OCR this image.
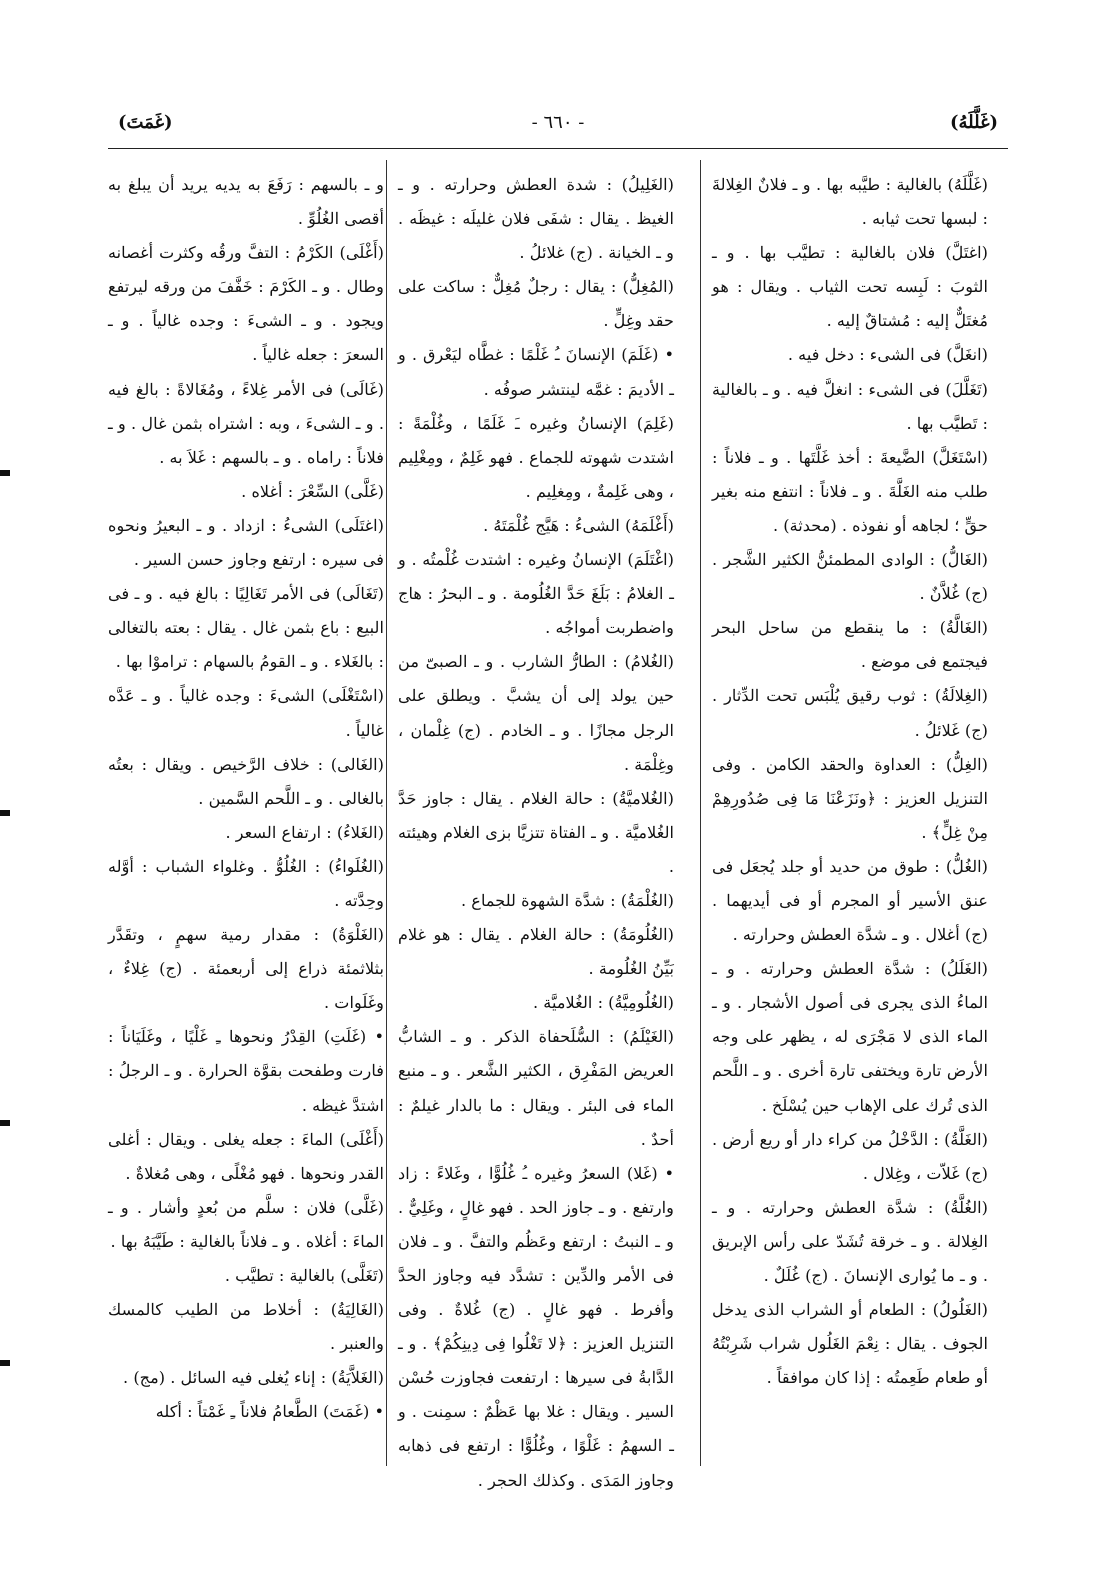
(غَلَّلَهُ)
- ٦٦٠ -
(غَمَتَ)

(غَلَّلَهُ) بالغالية : طيَّبه بها . و ـ فلانٌ الغِلالةَ : لبسها تحت ثيابه .

(اغتَلَّ) فلان بالغالية : تطيَّب بها . و ـ الثوبَ : لَبِسه تحت الثياب . ويقال : هو مُغتَلٌّ إليه : مُشتاقٌ إليه .

(انغَلَّ) فى الشىء : دخل فيه .

(تَغَلَّلَ) فى الشىء : انغلَّ فيه . و ـ بالغالية : تَطيَّب بها .

(اسْتَغَلَّ) الضَّيعةَ : أخذ غَلَّتَها . و ـ فلاناً : طلب منه الغَلَّةَ . و ـ فلاناً : انتفع منه بغير حقٍّ ؛ لجاهه أو نفوذه . (محدثة) .

(الغَالُّ) : الوادى المطمئنُّ الكثير الشَّجر . (ج) غُلاَّنٌ .

(الغَالَّةُ) : ما ينقطع من ساحل البحر فيجتمع فى موضع .

(الغِلالَةُ) : ثوب رقيق يُلْبَس تحت الدِّثار . (ج) غَلائلُ .

(الغِلُّ) : العداوة والحقد الكامن . وفى التنزيل العزيز : ﴿ونَزَعْنَا مَا فِى صُدُورِهِمْ مِنْ غِلٍّ﴾ .

(الغُلُّ) : طوق من حديد أو جلد يُجعَل فى عنق الأسير أو المجرم أو فى أيديهما . (ج) أغلال . و ـ شدَّة العطش وحرارته .

(الغَلَلُ) : شدَّة العطش وحرارته . و ـ الماءُ الذى يجرى فى أصول الأشجار . و ـ الماء الذى لا مَجْرَى له ، يظهر على وجه الأرض تارة ويختفى تارة أخرى . و ـ اللَّحم الذى تُرك على الإهاب حين يُسْلَخ .

(الغَلَّةُ) : الدَّخْلُ من كراء دار أو ريع أرض . (ج) غَلاّت ، وغِلال .

(الغُلَّةُ) : شدَّة العطش وحرارته . و ـ الغِلالة . و ـ خرقة تُشَدّ على رأس الإبريق . و ـ ما يُوارى الإنسانَ . (ج) غُلَلٌ .

(الغَلُولُ) : الطعام أو الشراب الذى يدخل الجوف . يقال : نِعْمَ الغَلُول شراب شَرِبْتُهُ أو طعام طَعِمتُه : إذا كان موافقاً .

(الغَلِيلُ) : شدة العطش وحرارته . و ـ الغيظ . يقال : شفَى فلان غليلَه : غيظَه . و ـ الخيانة . (ج) غلائلُ .

(المُغِلُّ) : يقال : رجلٌ مُغِلٌّ : ساكت على حقد وغِلٍّ .

• (غَلَمَ) الإنسانَ ـُ غَلْمًا : غطَّاه ليَعْرق . و ـ الأديمَ : غمَّه لينتشر صوفُه .

(غَلِمَ) الإنسانُ وغيره ـَ غَلَمًا ، وغُلْمَةً : اشتدت شهوته للجماع . فهو غَلِمٌ ، ومِغْلِيم ، وهى غَلِمةٌ ، ومِغلِيم .

(أَغْلَمَهُ) الشىءُ : هَيَّج غُلْمَتَهُ .

(اغْتَلَمَ) الإنسانُ وغيره : اشتدت غُلْمتُه . و ـ الغلامُ : بَلَغَ حَدَّ الغُلُومة . و ـ البحرُ : هاج واضطربت أمواجُه .

(الغُلامُ) : الطارُّ الشارب . و ـ الصبىّ من حين يولد إلى أن يشبَّ . ويطلق على الرجل مجازًا . و ـ الخادم . (ج) غِلْمان ، وغِلْمَة .

(الغُلاميَّةُ) : حالة الغلام . يقال : جاوز حَدَّ الغُلاميَّة . و ـ الفتاة تتزيَّا بزى الغلام وهيئته .

(الغُلْمَةُ) : شدَّة الشهوة للجماع .

(الغُلُومَةُ) : حالة الغلام . يقال : هو غلام بَيِّنُ الغُلُومة .

(الغُلُومِيَّةُ) : الغُلاميَّة .

(الغَيْلَمُ) : السُّلَحفاة الذكر . و ـ الشابُّ العريض المَفْرِق ، الكثير الشَّعر . و ـ منبع الماء فى البئر . ويقال : ما بالدار غيلمٌ : أحدٌ .

• (غَلا) السعرُ وغيره ـُ غُلُوًّا ، وغَلاءً : زاد وارتفع . و ـ جاوز الحد . فهو غالٍ ، وغَلِيٌّ . و ـ النبتُ : ارتفع وعَظُم والتفَّ . و ـ فلان فى الأمر والدِّين : تشدَّد فيه وجاوز الحدَّ وأفرط . فهو غالٍ . (ج) غُلاةٌ . وفى التنزيل العزيز : ﴿لا تَغْلُوا فِى دِينِكُمْ﴾ . و ـ الدَّابةُ فى سيرها : ارتفعت فجاوزت حُسْن السير . ويقال : غلا بها عَظْمٌ : سمِنت . و ـ السهمُ : غَلْوًا ، وغُلُوًّا : ارتفع فى ذهابه وجاوز المَدَى . وكذلك الحجر .

و ـ بالسهم : رَفَعَ به يديه يريد أن يبلغ به أقصى الغُلُوِّ .

(أَغْلَى) الكَرْمُ : التفَّ ورقُه وكثرت أغصانه وطال . و ـ الكَرْمَ : خَفَّفَ من ورقه ليرتفع ويجود . و ـ الشىءَ : وجده غالياً . و ـ السعرَ : جعله غالياً .

(غَالَى) فى الأمر غِلاءً ، ومُغَالاةً : بالغ فيه . و ـ الشىءَ ، وبه : اشتراه بثمن غال . و ـ فلاناً : راماه . و ـ بالسهم : غَلاَ به .

(غَلَّى) السِّعْرَ : أغلاه .

(اغتَلَى) الشىءُ : ازداد . و ـ البعيرُ ونحوه فى سيره : ارتفع وجاوز حسن السير .

(تَغَالَى) فى الأمر تَغَالِيًا : بالغ فيه . و ـ فى البيع : باع بثمن غال . يقال : بعته بالتغالى : بالغَلاء . و ـ القومُ بالسهام : تراموْا بها .

(اسْتَغْلَى) الشىءَ : وجده غالياً . و ـ عَدَّه غالياً .

(الغَالى) : خلاف الرَّخيص . ويقال : بعتُه بالغالى . و ـ اللَّحم السَّمين .

(الغَلاءُ) : ارتفاع السعر .

(الغُلَواءُ) : الغُلُوُّ . وغلواء الشباب : أوَّله وحِدَّته .

(الغَلْوَةُ) : مقدار رمية سهمٍ ، وتقَدَّر بثلاثمئة ذراع إلى أربعمئة . (ج) غِلاءٌ ، وغَلَوات .

• (غَلَتِ) القِدْرُ ونحوها ـِ غَلْيًا ، وغَلَيَاناً : فارت وطفحت بقوَّة الحرارة . و ـ الرجلُ : اشتدَّ غيظه .

(أَغْلَى) الماءَ : جعله يغلى . ويقال : أغلى القدر ونحوها . فهو مُغْلًى ، وهى مُغلاةٌ .

(غَلَّى) فلان : سلَّم من بُعدٍ وأشار . و ـ الماءَ : أغلاه . و ـ فلاناً بالغالية : طَيَّبَهُ بها .

(تَغَلَّى) بالغالية : تطيَّب .

(الغَالِيَةُ) : أخلاط من الطيب كالمسك والعنبر .

(الغَلاَّيَةُ) : إناء يُغلى فيه السائل . (مج) .

• (غَمَتَ) الطَّعامُ فلاناً ـِ غَمْتاً : أكله
